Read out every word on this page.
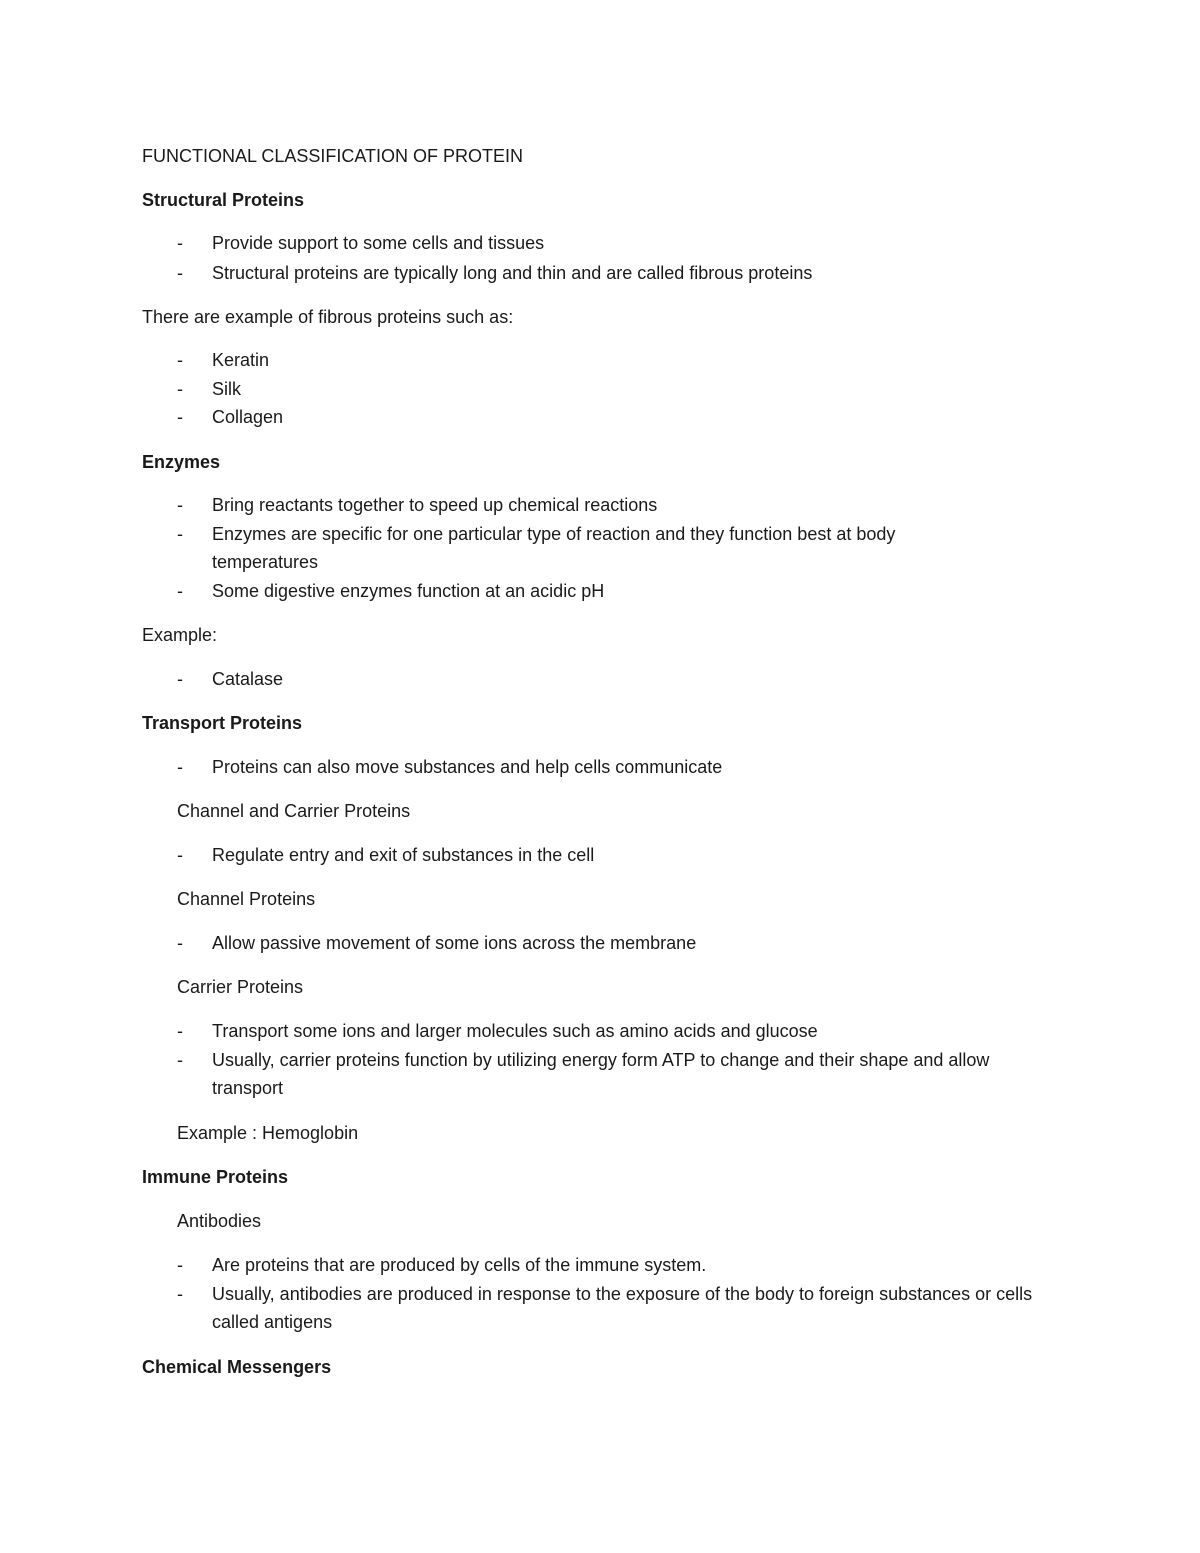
FUNCTIONAL CLASSIFICATION OF PROTEIN
Structural Proteins
- Provide support to some cells and tissues
- Structural proteins are typically long and thin and are called fibrous proteins
There are example of fibrous proteins such as:
- Keratin
- Silk
- Collagen
Enzymes
- Bring reactants together to speed up chemical reactions
- Enzymes are specific for one particular type of reaction and they function best at body temperatures
- Some digestive enzymes function at an acidic pH
Example:
- Catalase
Transport Proteins
- Proteins can also move substances and help cells communicate
Channel and Carrier Proteins
- Regulate entry and exit of substances in the cell
Channel Proteins
- Allow passive movement of some ions across the membrane
Carrier Proteins
- Transport some ions and larger molecules such as amino acids and glucose
- Usually, carrier proteins function by utilizing energy form ATP to change and their shape and allow transport
Example : Hemoglobin
Immune Proteins
Antibodies
- Are proteins that are produced by cells of the immune system.
- Usually, antibodies are produced in response to the exposure of the body to foreign substances or cells called antigens
Chemical Messengers
